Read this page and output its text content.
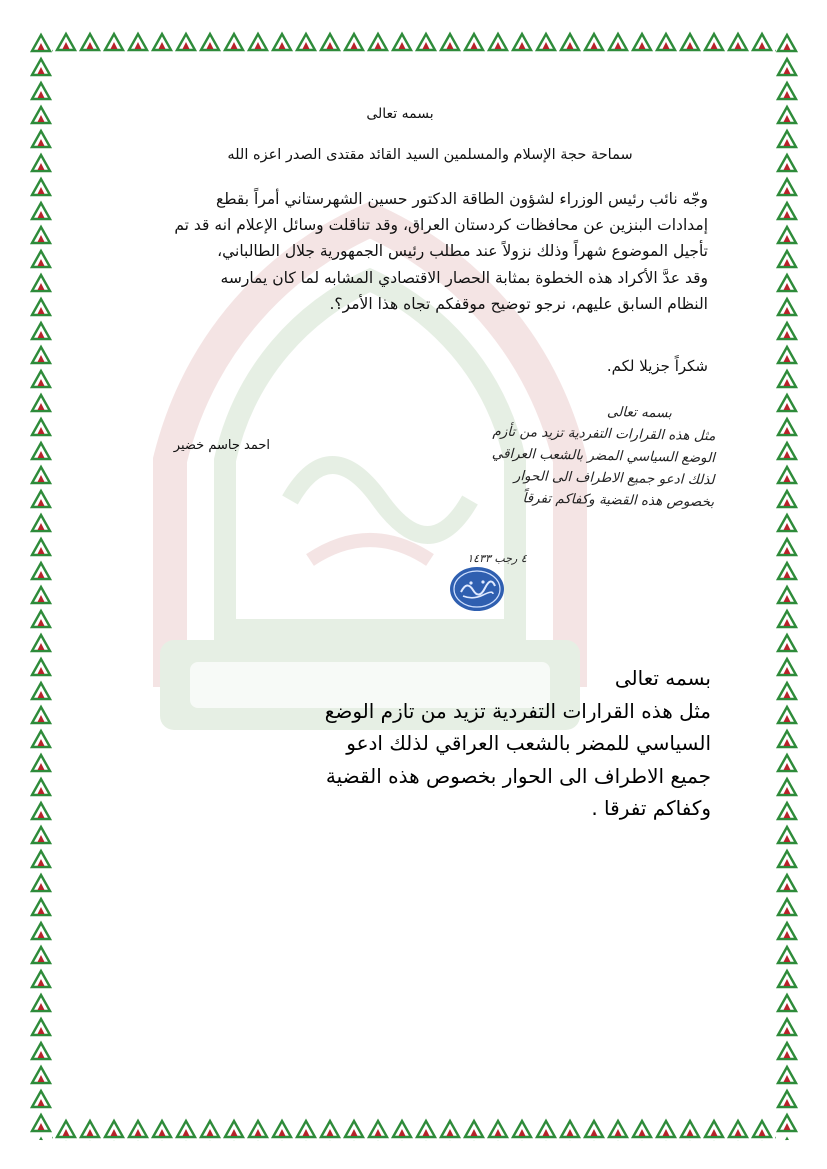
بسمه تعالى
سماحة حجة الإسلام والمسلمين السيد القائد مقتدى الصدر اعزه الله
وجّه نائب رئيس الوزراء لشؤون الطاقة الدكتور حسين الشهرستاني أمراً بقطع
إمدادات البنزين عن محافظات كردستان العراق، وقد تناقلت وسائل الإعلام انه قد تم
تأجيل الموضوع شهراً وذلك نزولاً عند مطلب رئيس الجمهورية جلال الطالباني،
وقد عدَّ الأكراد هذه الخطوة بمثابة الحصار الاقتصادي المشابه لما كان يمارسه
النظام السابق عليهم، نرجو توضيح موقفكم تجاه هذا الأمر؟.
شكراً جزيلا لكم.
احمد جاسم خضير
بسمه تعالى
مثل هذه القرارات التفردية تزيد من تأزم
الوضع السياسي المضر بالشعب العراقي
لذلك ادعو جميع الاطراف الى الحوار
بخصوص هذه القضية وكفاكم تفرقاً
٤ رجب ١٤٣٣
بسمه تعالى
مثل هذه القرارات التفردية تزيد من تازم الوضع
السياسي للمضر بالشعب العراقي لذلك ادعو
جميع الاطراف الى الحوار بخصوص هذه القضية
وكفاكم تفرقا .
